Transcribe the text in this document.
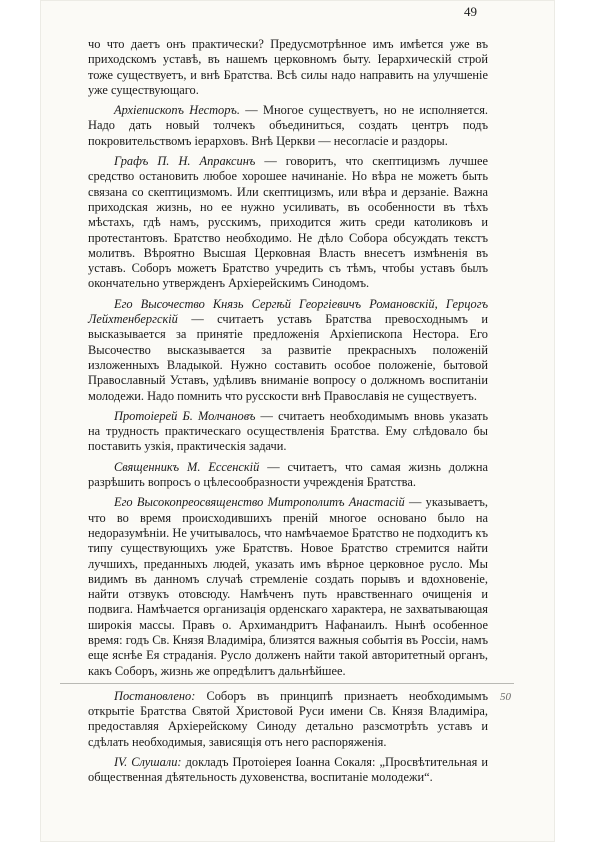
49

чо что даетъ онъ практически? Предусмотрѣнное имъ имѣется уже въ приходскомъ уставѣ, въ нашемъ церковномъ быту. Iерархическій строй тоже существуетъ, и внѣ Братства. Всѣ силы надо направить на улучшеніе уже существующаго.

Архіепископъ Несторъ. — Многое существуетъ, но не исполняется. Надо дать новый толчекъ объединиться, создать центръ подъ покровительствомъ іерарховъ. Внѣ Церкви — несогласіе и раздоры.

Графъ П. Н. Апраксинъ — говоритъ, что скептицизмъ лучшее средство остановить любое хорошее начинаніе. Но вѣра не можетъ быть связана со скептицизмомъ. Или скептицизмъ, или вѣра и дерзаніе. Важна приходская жизнь, но ее нужно усиливать, въ особенности въ тѣхъ мѣстахъ, гдѣ намъ, русскимъ, приходится жить среди католиковъ и протестантовъ. Братство необходимо. Не дѣло Собора обсуждать текстъ молитвъ. Вѣроятно Высшая Церковная Власть внесетъ измѣненія въ уставъ. Соборъ можетъ Братство учредить съ тѣмъ, чтобы уставъ былъ окончательно утвержденъ Архіерейскимъ Синодомъ.

Его Высочество Князь Сергѣй Георгіевичъ Романовскій, Герцогъ Лейхтенбергскій — считаетъ уставъ Братства превосходнымъ и высказывается за принятіе предложенія Архіепископа Нестора. Его Высочество высказывается за развитіе прекрасныхъ положеній изложенныхъ Владыкой. Нужно составить особое положеніе, бытовой Православный Уставъ, удѣливъ вниманіе вопросу о должномъ воспитаніи молодежи. Надо помнить что русскости внѣ Православія не существуетъ.

Протоіерей Б. Молчановъ — считаетъ необходимымъ вновь указать на трудность практическаго осуществленія Братства. Ему слѣдовало бы поставить узкія, практическія задачи.

Священникъ М. Ессенскій — считаетъ, что самая жизнь должна разрѣшить вопросъ о цѣлесообразности учрежденія Братства.

Его Высокопреосвященство Митрополитъ Анастасій — указываетъ, что во время происходившихъ преній многое основано было на недоразумѣніи. Не учитывалось, что намѣчаемое Братство не подходитъ къ типу существующихъ уже Братствъ. Новое Братство стремится найти лучшихъ, преданныхъ людей, указать имъ вѣрное церковное русло. Мы видимъ въ данномъ случаѣ стремленіе создать порывъ и вдохновеніе, найти отзвукъ отовсюду. Намѣченъ путь нравственнаго очищенія и подвига. Намѣчается организація орденскаго характера, не захватывающая широкія массы. Правъ о. Архимандритъ Нафанаилъ. Нынѣ особенное время: годъ Св. Князя Владиміра, близятся важныя событія въ Россіи, намъ еще яснѣе Ея страданія. Русло долженъ найти такой авторитетный органъ, какъ Соборъ, жизнь же опредѣлитъ дальнѣйшее.

Постановлено: Соборъ въ принципѣ признаетъ необходимымъ открытіе Братства Святой Христовой Руси имени Св. Князя Владиміра, предоставляя Архіерейскому Синоду детально разсмотрѣть уставъ и сдѣлать необходимыя, зависящія отъ него распоряженія.

IV. Слушали: докладъ Протоіерея Іоанна Сокаля: „Просвѣтительная и общественная дѣятельность духовенства, воспитаніе молодежи“.

50
